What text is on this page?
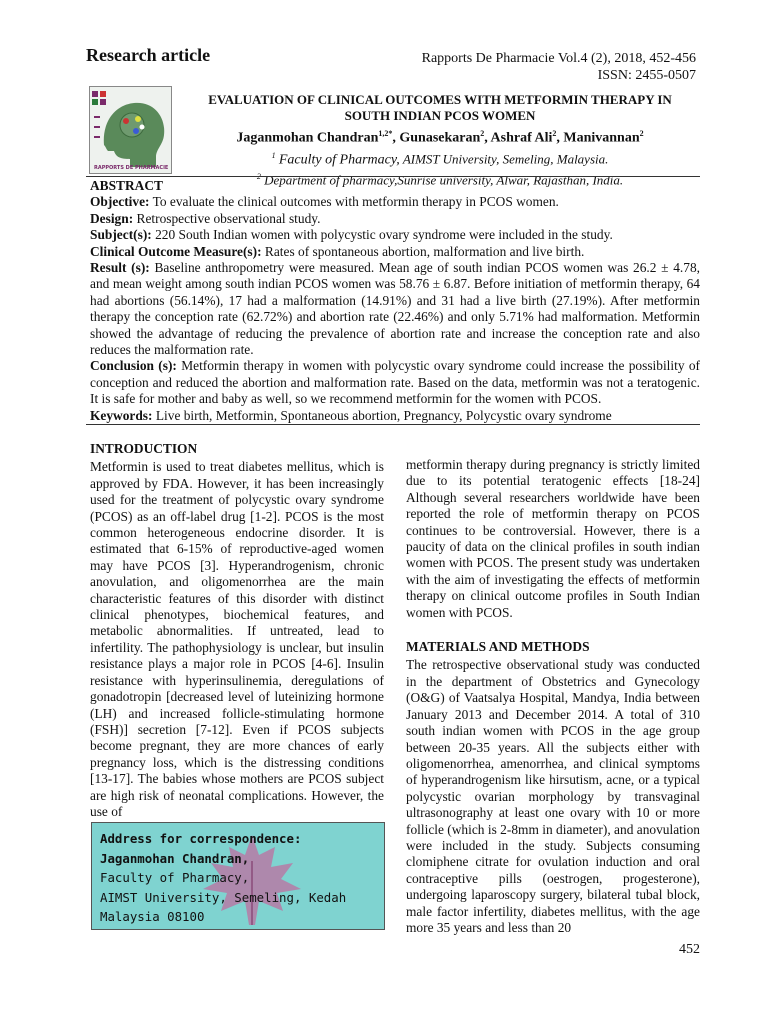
Research article	Rapports De Pharmacie Vol.4 (2), 2018, 452-456
ISSN: 2455-0507
RAPPORTS DE PHARMACIE
EVALUATION OF CLINICAL OUTCOMES WITH METFORMIN THERAPY IN
SOUTH INDIAN PCOS WOMEN
Jaganmohan Chandran$^{1,2*}$, Gunasekaran$^2$, Ashraf Ali$^2$, Manivannan$^2$
$^1$ Faculty of Pharmacy, AIMST University, Semeling, Malaysia.
$^2$ Department of pharmacy,Sunrise university, Alwar, Rajasthan, India.

ABSTRACT

Objective: To evaluate the clinical outcomes with metformin therapy in PCOS women.

Design: Retrospective observational study.

Subject(s): 220 South Indian women with polycystic ovary syndrome were included in the study.

Clinical Outcome Measure(s): Rates of spontaneous abortion, malformation and live birth.

Result (s): Baseline anthropometry were measured. Mean age of south indian PCOS women was 26.2 ± 4.78, and mean weight among south indian PCOS women was 58.76 ± 6.87. Before initiation of metformin therapy, 64 had abortions (56.14%), 17 had a malformation (14.91%) and 31 had a live birth (27.19%). After metformin therapy the conception rate (62.72%) and abortion rate (22.46%) and only 5.71% had malformation. Metformin showed the advantage of reducing the prevalence of abortion rate and increase the conception rate and also reduces the malformation rate.

Conclusion (s): Metformin therapy in women with polycystic ovary syndrome could increase the possibility of conception and reduced the abortion and malformation rate. Based on the data, metformin was not a teratogenic. It is safe for mother and baby as well, so we recommend metformin for the women with PCOS.

Keywords: Live birth, Metformin, Spontaneous abortion, Pregnancy, Polycystic ovary syndrome

INTRODUCTION

Metformin is used to treat diabetes mellitus, which is approved by FDA. However, it has been increasingly used for the treatment of polycystic ovary syndrome (PCOS) as an off-label drug [1-2]. PCOS is the most common heterogeneous endocrine disorder. It is estimated that 6-15% of reproductive-aged women may have PCOS [3]. Hyperandrogenism, chronic anovulation, and oligomenorrhea are the main characteristic features of this disorder with distinct clinical phenotypes, biochemical features, and metabolic abnormalities. If untreated, lead to infertility. The pathophysiology is unclear, but insulin resistance plays a major role in PCOS [4-6]. Insulin resistance with hyperinsulinemia, deregulations of gonadotropin [decreased level of luteinizing hormone (LH) and increased follicle-stimulating hormone (FSH)] secretion [7-12]. Even if PCOS subjects become pregnant, they are more chances of early pregnancy loss, which is the distressing conditions [13-17]. The babies whose mothers are PCOS subject are high risk of neonatal complications. However, the use of

Address for correspondence:
Jaganmohan Chandran,
Faculty of Pharmacy,
AIMST University, Semeling, Kedah
Malaysia 08100

metformin therapy during pregnancy is strictly limited due to its potential teratogenic effects [18-24] Although several researchers worldwide have been reported the role of metformin therapy on PCOS continues to be controversial. However, there is a paucity of data on the clinical profiles in south indian women with PCOS. The present study was undertaken with the aim of investigating the effects of metformin therapy on clinical outcome profiles in South Indian women with PCOS.

MATERIALS AND METHODS

The retrospective observational study was conducted in the department of Obstetrics and Gynecology (O&G) of Vaatsalya Hospital, Mandya, India between January 2013 and December 2014. A total of 310 south indian women with PCOS in the age group between 20-35 years. All the subjects either with oligomenorrhea, amenorrhea, and clinical symptoms of hyperandrogenism like hirsutism, acne, or a typical polycystic ovarian morphology by transvaginal ultrasonography at least one ovary with 10 or more follicle (which is 2-8mm in diameter), and anovulation were included in the study. Subjects consuming clomiphene citrate for ovulation induction and oral contraceptive pills (oestrogen, progesterone), undergoing laparoscopy surgery, bilateral tubal block, male factor infertility, diabetes mellitus, with the age more 35 years and less than 20

452
